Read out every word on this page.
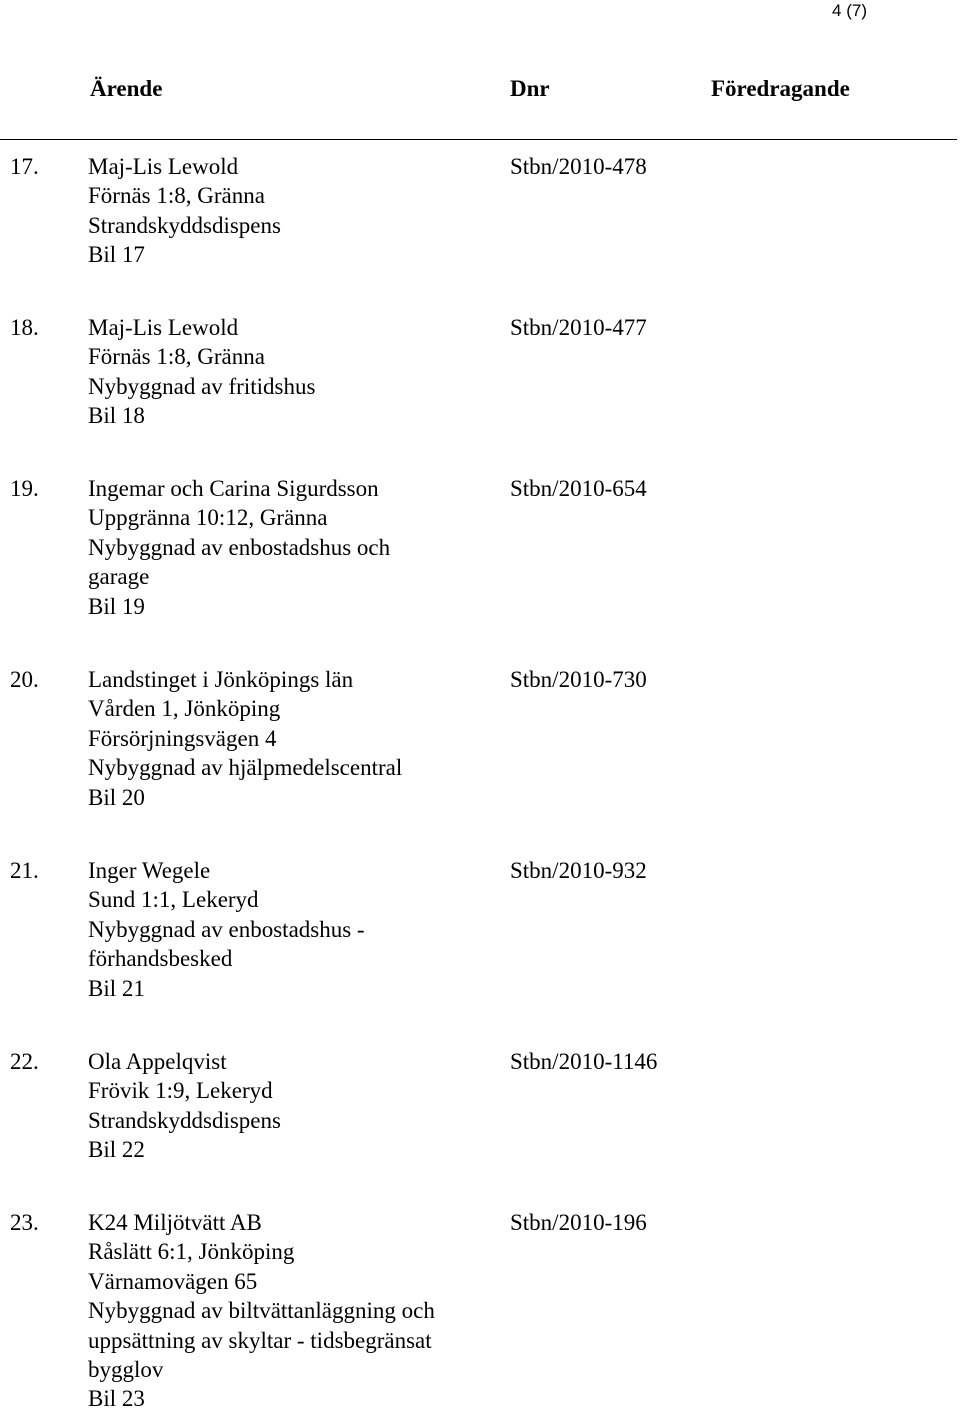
4 (7)
Ärende	Dnr	Föredragande
17. Maj-Lis Lewold
Förnäs 1:8, Gränna
Strandskyddsdispens
Bil 17
Stbn/2010-478
18. Maj-Lis Lewold
Förnäs 1:8, Gränna
Nybyggnad av fritidshus
Bil 18
Stbn/2010-477
19. Ingemar och Carina Sigurdsson
Uppgränna 10:12, Gränna
Nybyggnad av enbostadshus och
garage
Bil 19
Stbn/2010-654
20. Landstinget i Jönköpings län
Vården 1, Jönköping
Försörjningsvägen 4
Nybyggnad av hjälpmedelscentral
Bil 20
Stbn/2010-730
21. Inger Wegele
Sund 1:1, Lekeryd
Nybyggnad av enbostadshus -
förhandsbesked
Bil 21
Stbn/2010-932
22. Ola Appelqvist
Frövik 1:9, Lekeryd
Strandskyddsdispens
Bil 22
Stbn/2010-1146
23. K24 Miljötvätt AB
Råslätt 6:1, Jönköping
Värnamovägen 65
Nybyggnad av biltvättanläggning och
uppsättning av skyltar - tidsbegränsat
bygglov
Bil 23
Stbn/2010-196
